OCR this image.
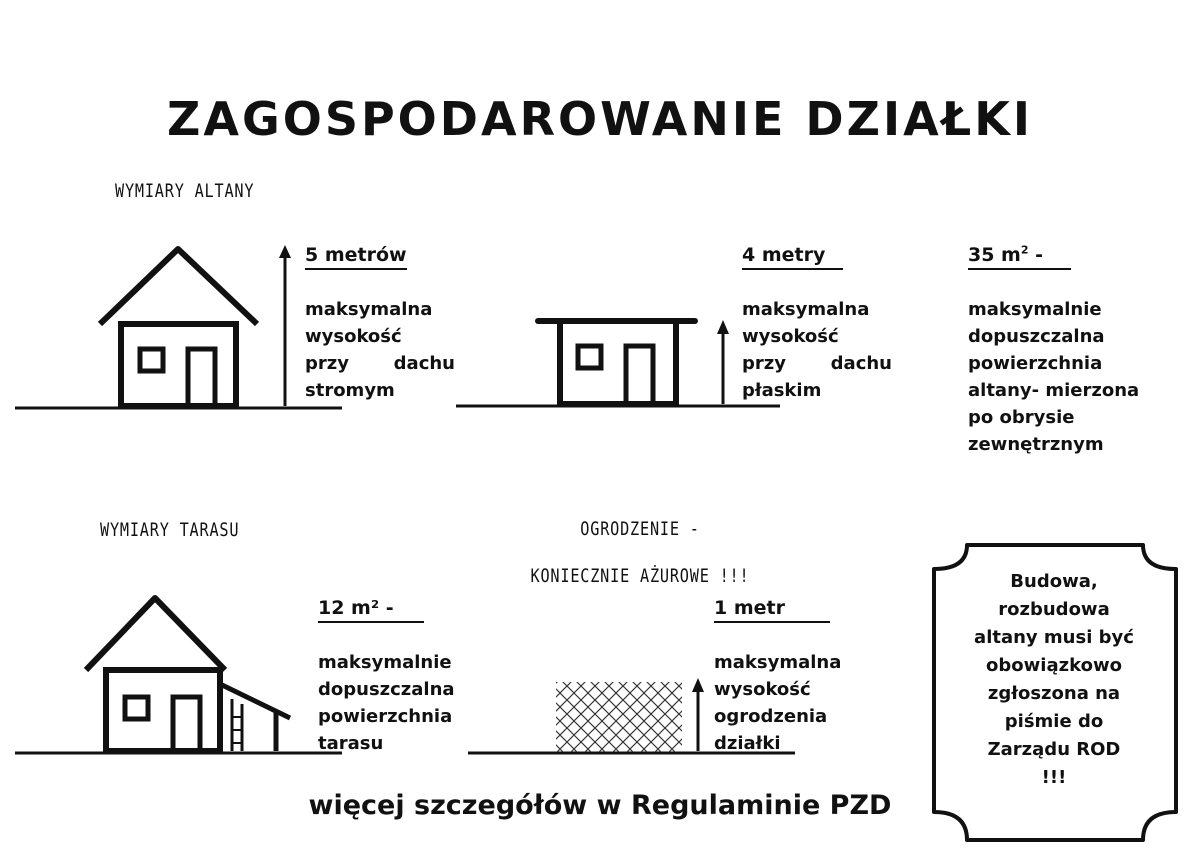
ZAGOSPODAROWANIE DZIAŁKI
WYMIARY ALTANY
5 metrów
maksymalna
wysokość
przy dachu
stromym
4 metry
maksymalna
wysokość
przy dachu
płaskim
35 $m^2$ -
maksymalnie
dopuszczalna
powierzchnia
altany- mierzona
po obrysie
zewnętrznym
WYMIARY TARASU
12 m² -
maksymalnie
dopuszczalna
powierzchnia
tarasu
OGRODZENIE -
KONIECZNIE AŻUROWE !!!
1 metr
maksymalna
wysokość
ogrodzenia
działki
Budowa,
rozbudowa
altany musi być
obowiązkowo
zgłoszona na
piśmie do
Zarządu ROD
!!!
więcej szczegółów w Regulaminie PZD
